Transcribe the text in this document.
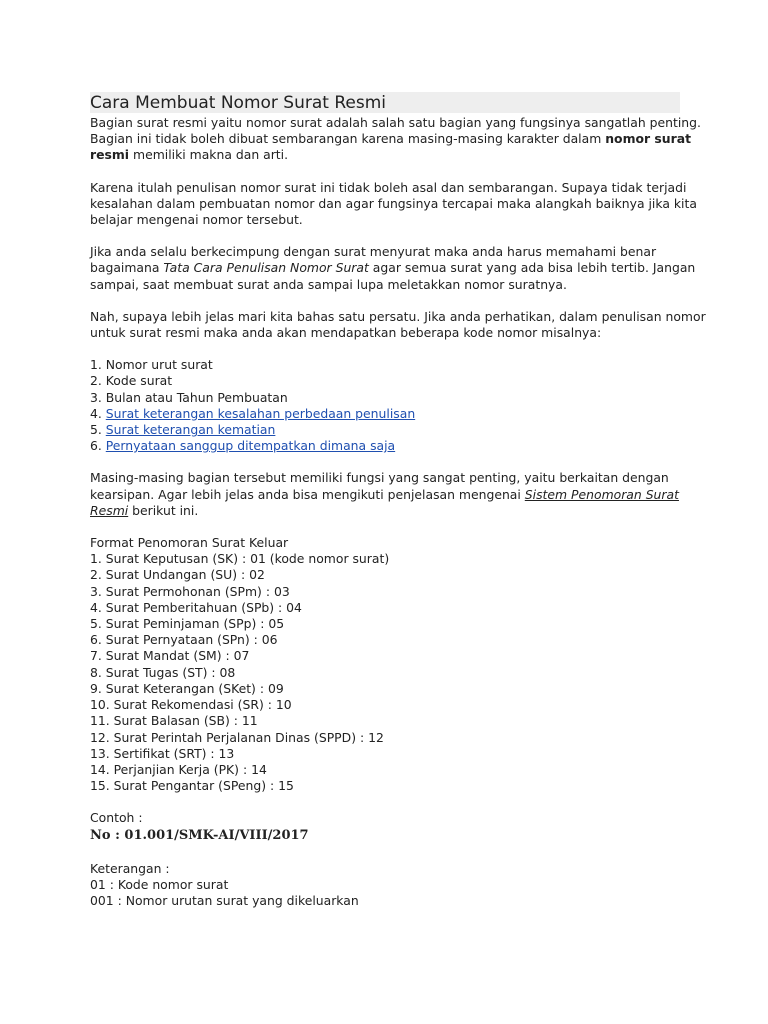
Cara Membuat Nomor Surat Resmi

Bagian surat resmi yaitu nomor surat adalah salah satu bagian yang fungsinya sangatlah penting.
Bagian ini tidak boleh dibuat sembarangan karena masing-masing karakter dalam nomor surat
resmi memiliki makna dan arti.

Karena itulah penulisan nomor surat ini tidak boleh asal dan sembarangan. Supaya tidak terjadi
kesalahan dalam pembuatan nomor dan agar fungsinya tercapai maka alangkah baiknya jika kita
belajar mengenai nomor tersebut.

Jika anda selalu berkecimpung dengan surat menyurat maka anda harus memahami benar
bagaimana Tata Cara Penulisan Nomor Surat agar semua surat yang ada bisa lebih tertib. Jangan
sampai, saat membuat surat anda sampai lupa meletakkan nomor suratnya.

Nah, supaya lebih jelas mari kita bahas satu persatu. Jika anda perhatikan, dalam penulisan nomor
untuk surat resmi maka anda akan mendapatkan beberapa kode nomor misalnya:

1. Nomor urut surat
2. Kode surat
3. Bulan atau Tahun Pembuatan
4. Surat keterangan kesalahan perbedaan penulisan
5. Surat keterangan kematian
6. Pernyataan sanggup ditempatkan dimana saja

Masing-masing bagian tersebut memiliki fungsi yang sangat penting, yaitu berkaitan dengan
kearsipan. Agar lebih jelas anda bisa mengikuti penjelasan mengenai Sistem Penomoran Surat
Resmi berikut ini.

Format Penomoran Surat Keluar
1. Surat Keputusan (SK) : 01 (kode nomor surat)
2. Surat Undangan (SU) : 02
3. Surat Permohonan (SPm) : 03
4. Surat Pemberitahuan (SPb) : 04
5. Surat Peminjaman (SPp) : 05
6. Surat Pernyataan (SPn) : 06
7. Surat Mandat (SM) : 07
8. Surat Tugas (ST) : 08
9. Surat Keterangan (SKet) : 09
10. Surat Rekomendasi (SR) : 10
11. Surat Balasan (SB) : 11
12. Surat Perintah Perjalanan Dinas (SPPD) : 12
13. Sertifikat (SRT) : 13
14. Perjanjian Kerja (PK) : 14
15. Surat Pengantar (SPeng) : 15
Contoh :
No : 01.001/SMK-AI/VIII/2017
Keterangan :
01 : Kode nomor surat
001 : Nomor urutan surat yang dikeluarkan
